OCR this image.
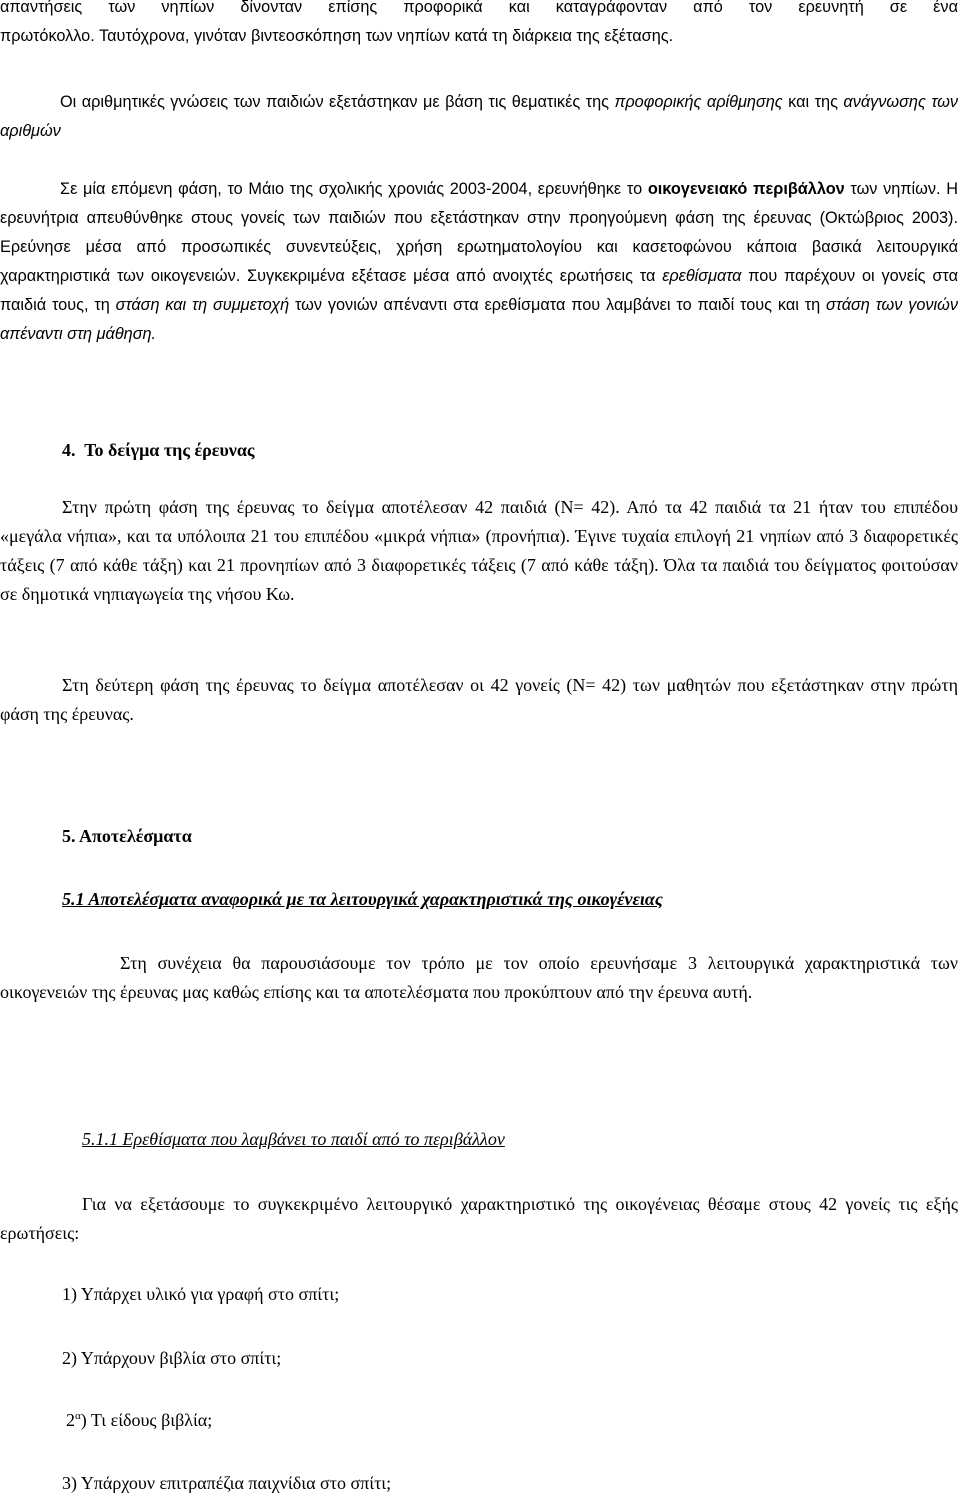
απαντήσεις των νηπίων δίνονταν επίσης προφορικά και καταγράφονταν από τον ερευνητή σε ένα
πρωτόκολλο. Ταυτόχρονα, γινόταν βιντεοσκόπηση των νηπίων κατά τη διάρκεια της εξέτασης.

Οι αριθμητικές γνώσεις των παιδιών εξετάστηκαν με βάση τις θεματικές της προφορικής αρίθμησης και της ανάγνωσης των αριθμών

Σε μία επόμενη φάση, το Μάιο της σχολικής χρονιάς 2003-2004, ερευνήθηκε το οικογενειακό περιβάλλον των νηπίων. Η ερευνήτρια απευθύνθηκε στους γονείς των παιδιών που εξετάστηκαν στην προηγούμενη φάση της έρευνας (Οκτώβριος 2003). Ερεύνησε μέσα από προσωπικές συνεντεύξεις, χρήση ερωτηματολογίου και κασετοφώνου κάποια βασικά λειτουργικά χαρακτηριστικά των οικογενειών. Συγκεκριμένα εξέτασε μέσα από ανοιχτές ερωτήσεις τα ερεθίσματα που παρέχουν οι γονείς στα παιδιά τους, τη στάση και τη συμμετοχή των γονιών απέναντι στα ερεθίσματα που λαμβάνει το παιδί τους και τη στάση των γονιών απέναντι στη μάθηση.

4. Το δείγμα της έρευνας

Στην πρώτη φάση της έρευνας το δείγμα αποτέλεσαν 42 παιδιά (Ν= 42). Από τα 42 παιδιά τα 21 ήταν του επιπέδου «μεγάλα νήπια», και τα υπόλοιπα 21 του επιπέδου «μικρά νήπια» (προνήπια). Έγινε τυχαία επιλογή 21 νηπίων από 3 διαφορετικές τάξεις (7 από κάθε τάξη) και 21 προνηπίων από 3 διαφορετικές τάξεις (7 από κάθε τάξη). Όλα τα παιδιά του δείγματος φοιτούσαν σε δημοτικά νηπιαγωγεία της νήσου Κω.

Στη δεύτερη φάση της έρευνας το δείγμα αποτέλεσαν οι 42 γονείς (Ν= 42) των μαθητών που εξετάστηκαν στην πρώτη φάση της έρευνας.

5. Αποτελέσματα
5.1 Αποτελέσματα αναφορικά με τα λειτουργικά χαρακτηριστικά της οικογένειας

Στη συνέχεια θα παρουσιάσουμε τον τρόπο με τον οποίο ερευνήσαμε 3 λειτουργικά χαρακτηριστικά των οικογενειών της έρευνας μας καθώς επίσης και τα αποτελέσματα που προκύπτουν από την έρευνα αυτή.

5.1.1 Ερεθίσματα που λαμβάνει το παιδί από το περιβάλλον

Για να εξετάσουμε το συγκεκριμένο λειτουργικό χαρακτηριστικό της οικογένειας θέσαμε στους 42 γονείς τις εξής ερωτήσεις:

1) Υπάρχει υλικό για γραφή στο σπίτι;

2) Υπάρχουν βιβλία στο σπίτι;

$2^\alpha$) Τι είδους βιβλία;

3) Υπάρχουν επιτραπέζια παιχνίδια στο σπίτι;
